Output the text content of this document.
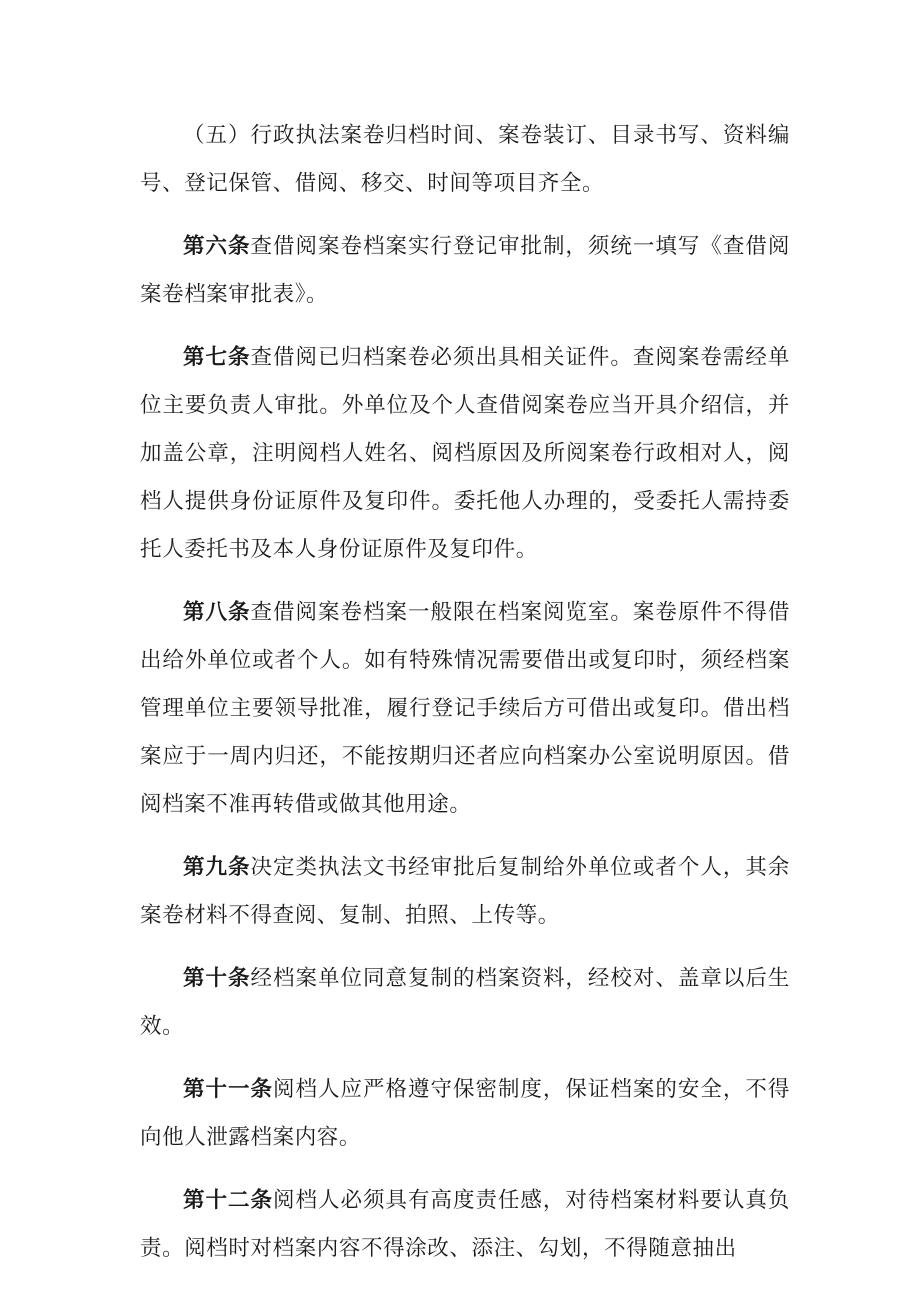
（五）行政执法案卷归档时间、案卷装订、目录书写、资料编号、登记保管、借阅、移交、时间等项目齐全。

第六条查借阅案卷档案实行登记审批制，须统一填写《查借阅案卷档案审批表》。

第七条查借阅已归档案卷必须出具相关证件。查阅案卷需经单位主要负责人审批。外单位及个人查借阅案卷应当开具介绍信，并加盖公章，注明阅档人姓名、阅档原因及所阅案卷行政相对人，阅档人提供身份证原件及复印件。委托他人办理的，受委托人需持委托人委托书及本人身份证原件及复印件。

第八条查借阅案卷档案一般限在档案阅览室。案卷原件不得借出给外单位或者个人。如有特殊情况需要借出或复印时，须经档案管理单位主要领导批准，履行登记手续后方可借出或复印。借出档案应于一周内归还，不能按期归还者应向档案办公室说明原因。借阅档案不准再转借或做其他用途。

第九条决定类执法文书经审批后复制给外单位或者个人，其余案卷材料不得查阅、复制、拍照、上传等。

第十条经档案单位同意复制的档案资料，经校对、盖章以后生效。

第十一条阅档人应严格遵守保密制度，保证档案的安全，不得向他人泄露档案内容。

第十二条阅档人必须具有高度责任感，对待档案材料要认真负责。阅档时对档案内容不得涂改、添注、勾划，不得随意抽出
